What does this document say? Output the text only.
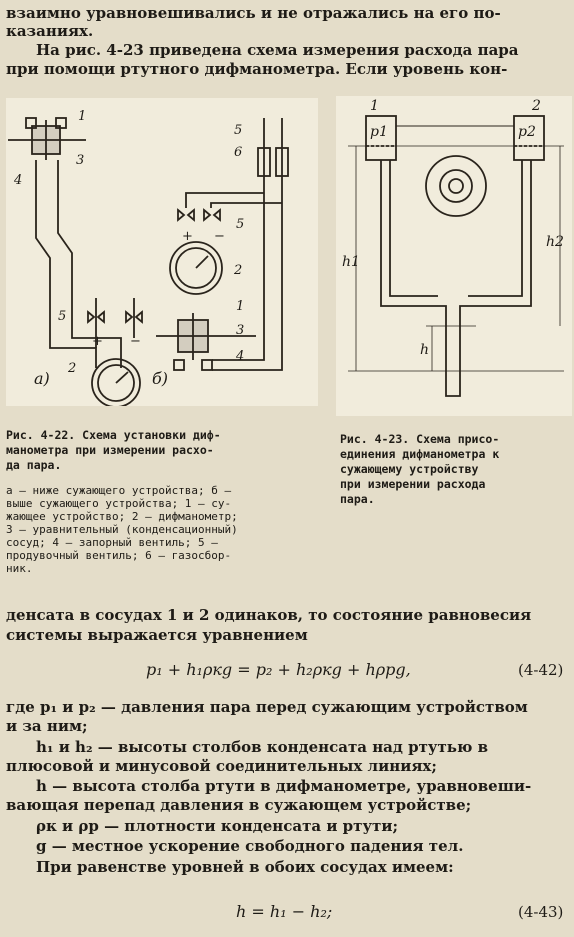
взаимно уравновешивались и не отражались на его по-
казаниях.
На рис. 4-23 приведена схема измерения расхода пара
при помощи ртутного дифманометра. Если уровень кон-
1
3
4
5
6
5
2
5
2
1
3
4
а)	б)
+ −
+ −
1	2
p1	p2
h1
h2
h
Рис. 4-22. Схема установки диф-
манометра при измерении расхо-
да пара.
а — ниже сужающего устройства; б —
выше сужающего устройства; 1 — су-
жающее устройство; 2 — дифманометр;
3 — уравнительный (конденсационный)
сосуд; 4 — запорный вентиль; 5 —
продувочный вентиль; 6 — газосбор-
ник.
Рис. 4-23. Схема присо-
единения дифманометра к
сужающему устройству
при измерении расхода
пара.
денсата в сосудах 1 и 2 одинаков, то состояние равновесия
системы выражается уравнением
p₁ + h₁ρкg = p₂ + h₂ρкg + hρрg,	(4-42)
где p₁ и p₂ — давления пара перед сужающим устройством
и за ним;
h₁ и h₂ — высоты столбов конденсата над ртутью в
плюсовой и минусовой соединительных линиях;
h — высота столба ртути в дифманометре, уравновеши-
вающая перепад давления в сужающем устройстве;
ρк и ρр — плотности конденсата и ртути;
g — местное ускорение свободного падения тел.
При равенстве уровней в обоих сосудах имеем:
h = h₁ − h₂;	(4-43)
